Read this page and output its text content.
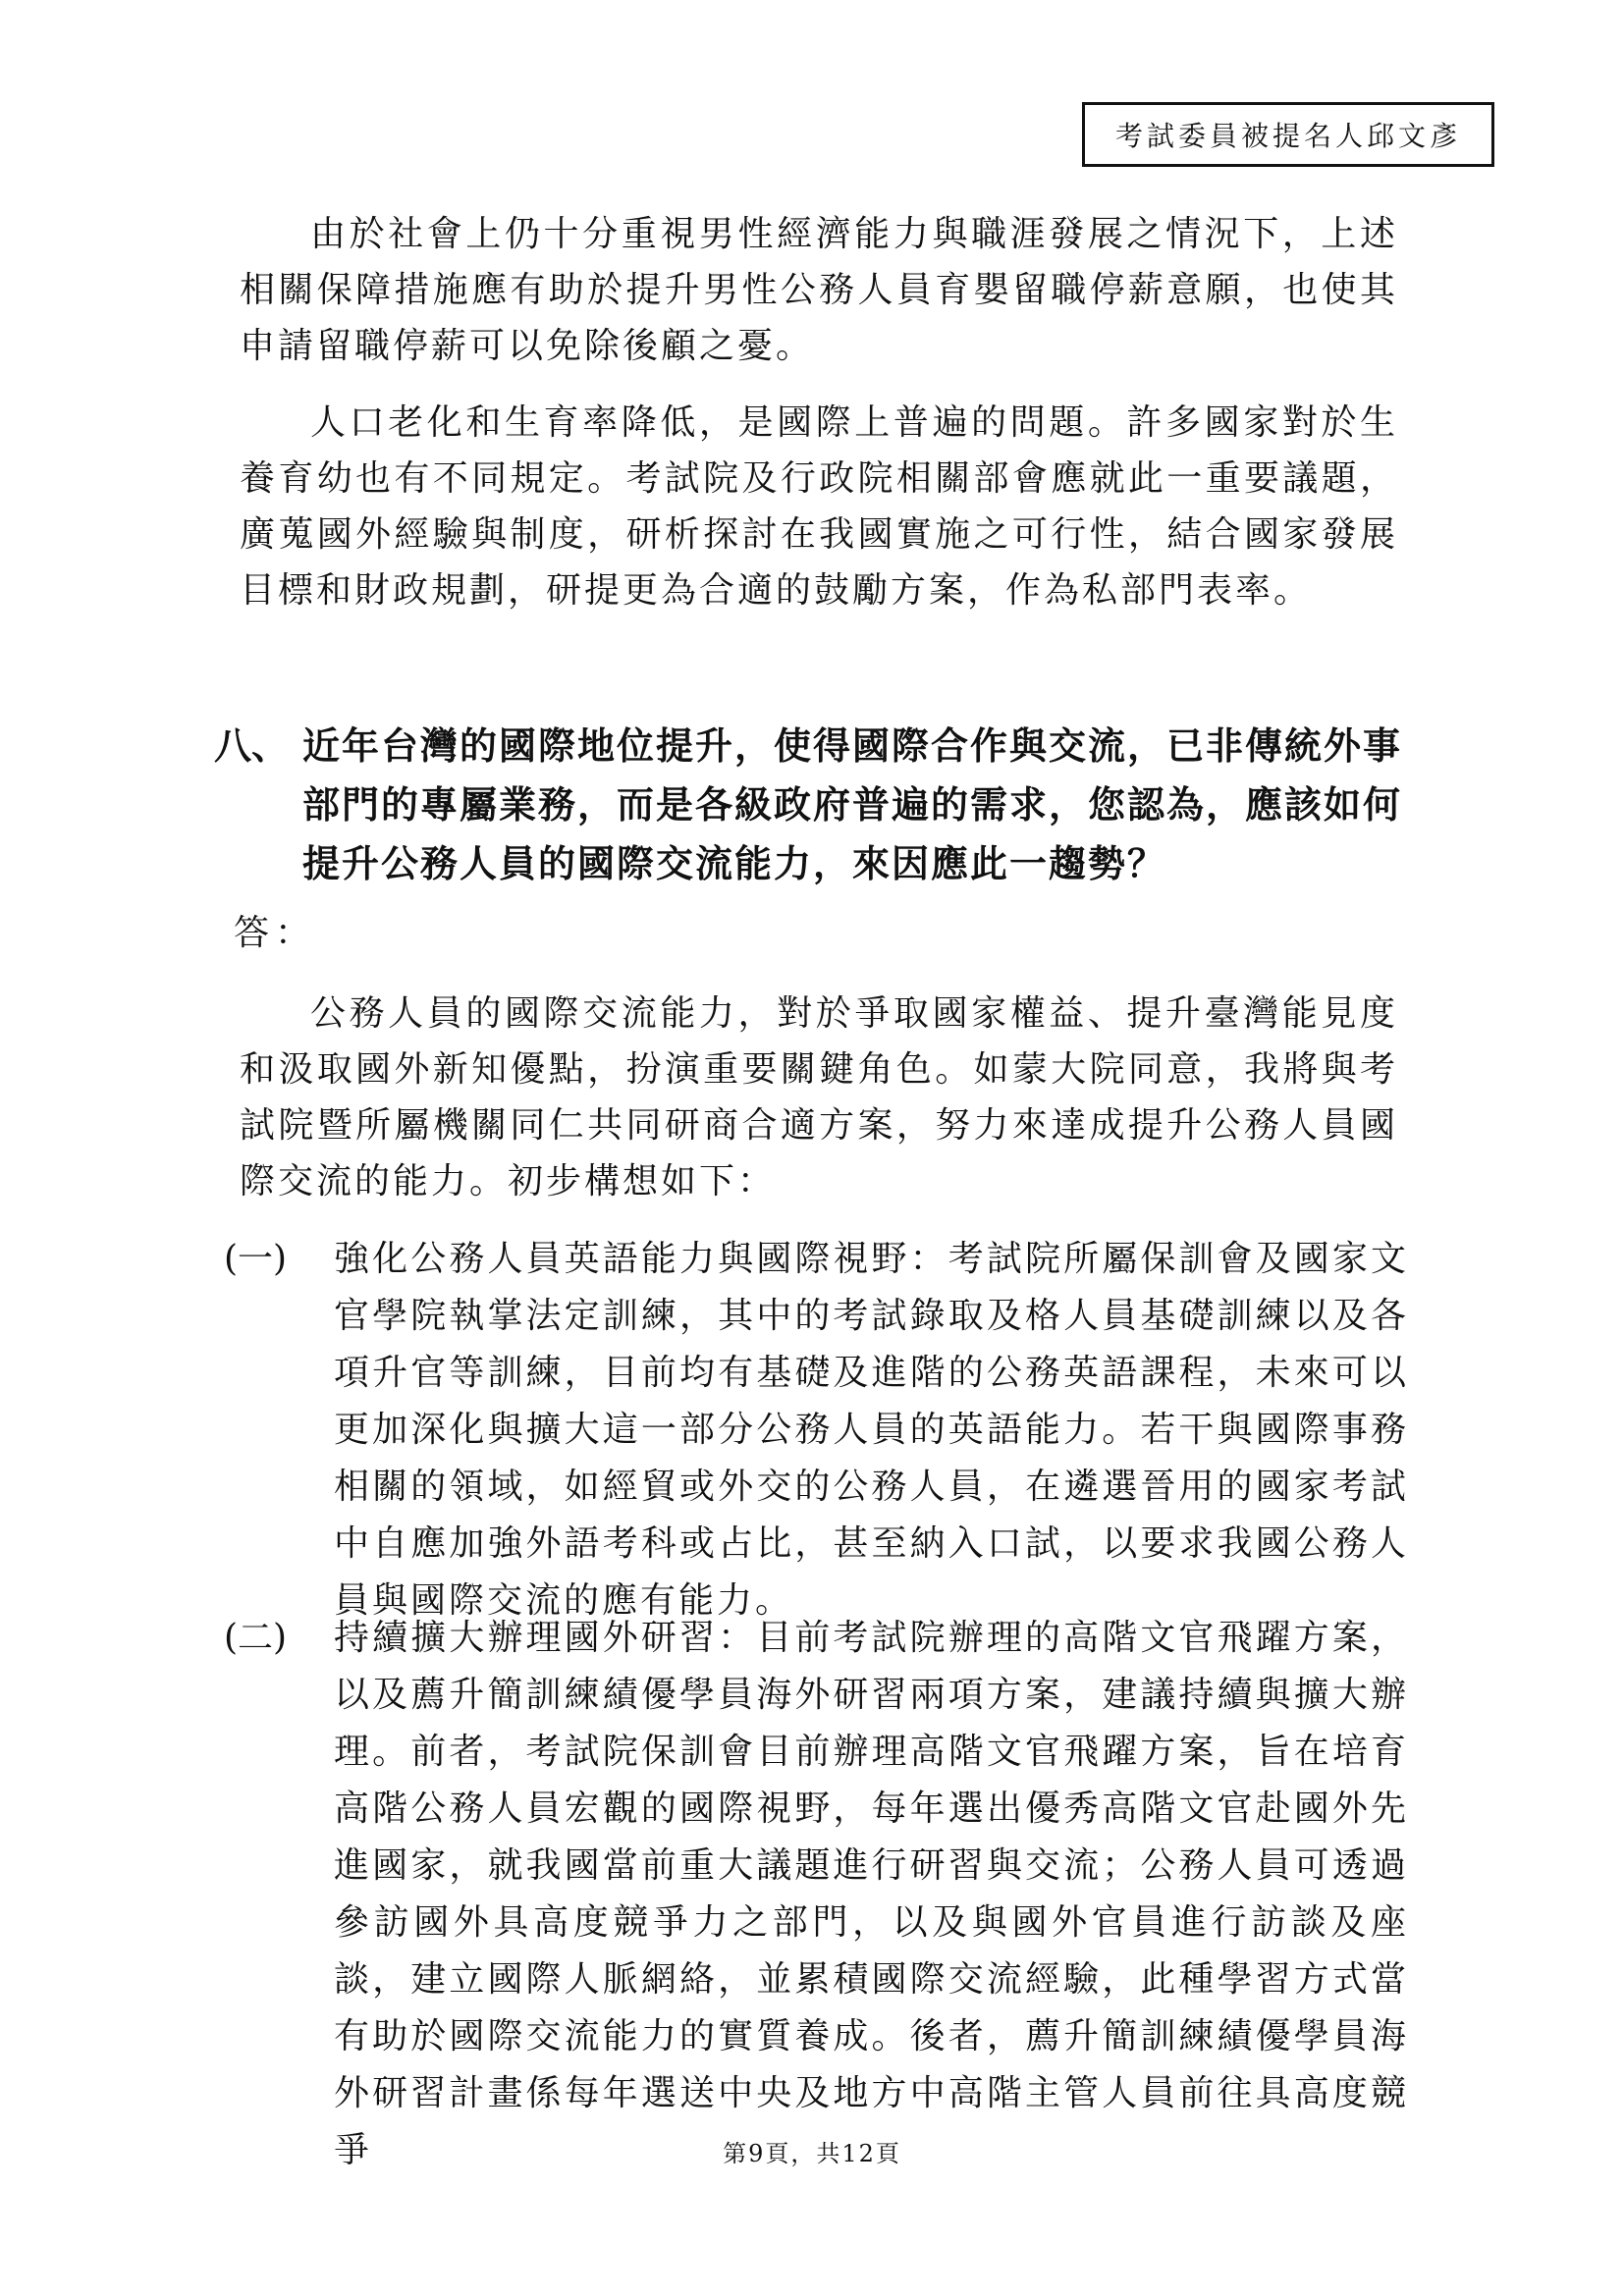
考試委員被提名人邱文彥
由於社會上仍十分重視男性經濟能力與職涯發展之情況下，上述相關保障措施應有助於提升男性公務人員育嬰留職停薪意願，也使其申請留職停薪可以免除後顧之憂。
人口老化和生育率降低，是國際上普遍的問題。許多國家對於生養育幼也有不同規定。考試院及行政院相關部會應就此一重要議題，廣蒐國外經驗與制度，研析探討在我國實施之可行性，結合國家發展目標和財政規劃，研提更為合適的鼓勵方案，作為私部門表率。
八、 近年台灣的國際地位提升，使得國際合作與交流，已非傳統外事部門的專屬業務，而是各級政府普遍的需求，您認為，應該如何提升公務人員的國際交流能力，來因應此一趨勢？
答：
公務人員的國際交流能力，對於爭取國家權益、提升臺灣能見度和汲取國外新知優點，扮演重要關鍵角色。如蒙大院同意，我將與考試院暨所屬機關同仁共同研商合適方案，努力來達成提升公務人員國際交流的能力。初步構想如下：
(一) 強化公務人員英語能力與國際視野：考試院所屬保訓會及國家文官學院執掌法定訓練，其中的考試錄取及格人員基礎訓練以及各項升官等訓練，目前均有基礎及進階的公務英語課程，未來可以更加深化與擴大這一部分公務人員的英語能力。若干與國際事務相關的領域，如經貿或外交的公務人員，在遴選晉用的國家考試中自應加強外語考科或占比，甚至納入口試，以要求我國公務人員與國際交流的應有能力。
(二) 持續擴大辦理國外研習：目前考試院辦理的高階文官飛躍方案，以及薦升簡訓練績優學員海外研習兩項方案，建議持續與擴大辦理。前者，考試院保訓會目前辦理高階文官飛躍方案，旨在培育高階公務人員宏觀的國際視野，每年選出優秀高階文官赴國外先進國家，就我國當前重大議題進行研習與交流；公務人員可透過參訪國外具高度競爭力之部門，以及與國外官員進行訪談及座談，建立國際人脈網絡，並累積國際交流經驗，此種學習方式當有助於國際交流能力的實質養成。後者，薦升簡訓練績優學員海外研習計畫係每年選送中央及地方中高階主管人員前往具高度競爭	第9頁，共12頁
